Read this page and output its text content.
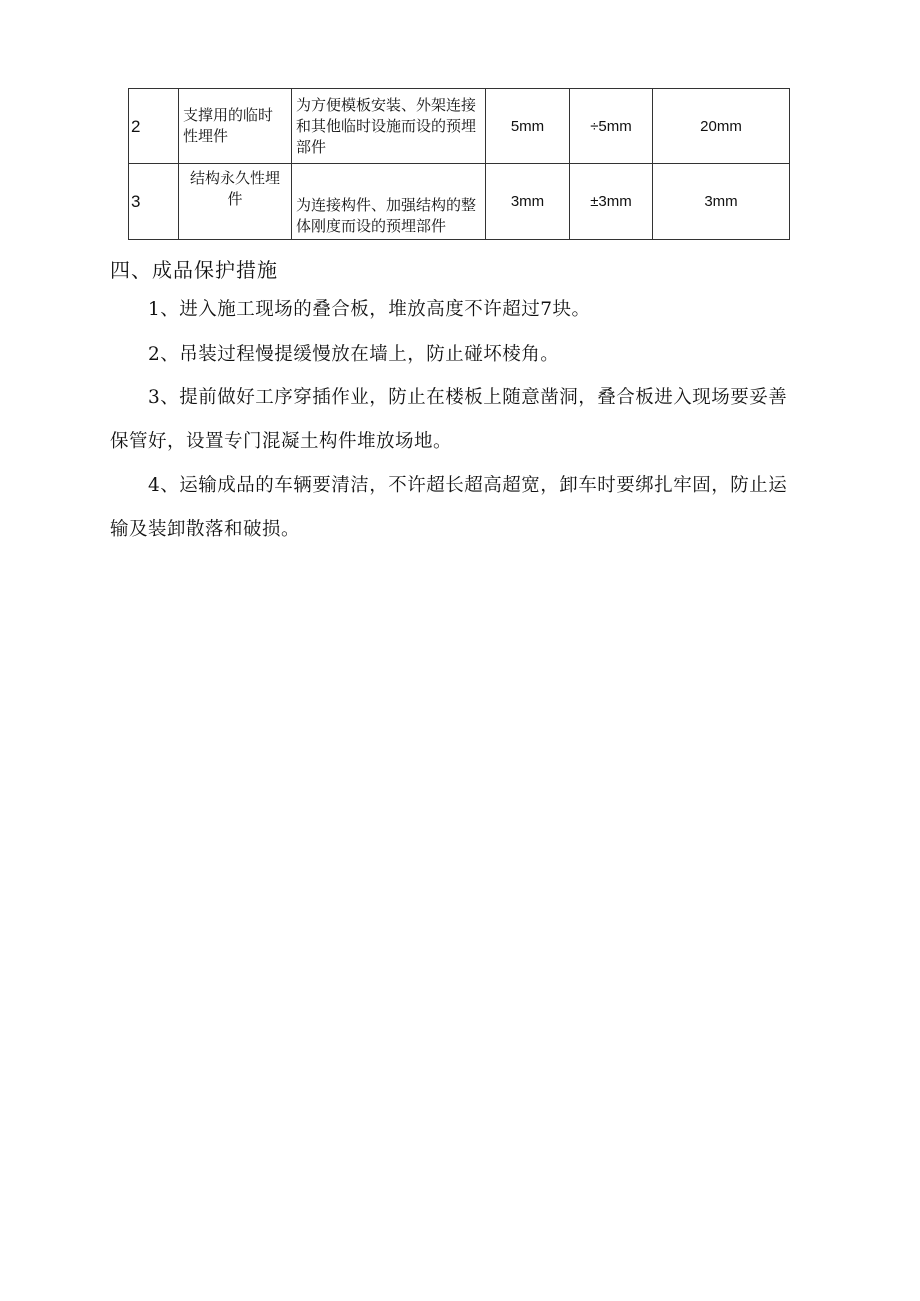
2	支撑用的临时性埋件	为方便模板安装、外架连接和其他临时设施而设的预埋部件	5mm	÷5mm	20mm
3	结构永久性埋件	为连接构件、加强结构的整体刚度而设的预埋部件	3mm	±3mm	3mm
四、成品保护措施

1、进入施工现场的叠合板，堆放高度不许超过7块。

2、吊装过程慢提缓慢放在墙上，防止碰坏棱角。

3、提前做好工序穿插作业，防止在楼板上随意凿洞，叠合板进入现场要妥善保管好，设置专门混凝土构件堆放场地。

4、运输成品的车辆要清洁，不许超长超高超宽，卸车时要绑扎牢固，防止运输及装卸散落和破损。
